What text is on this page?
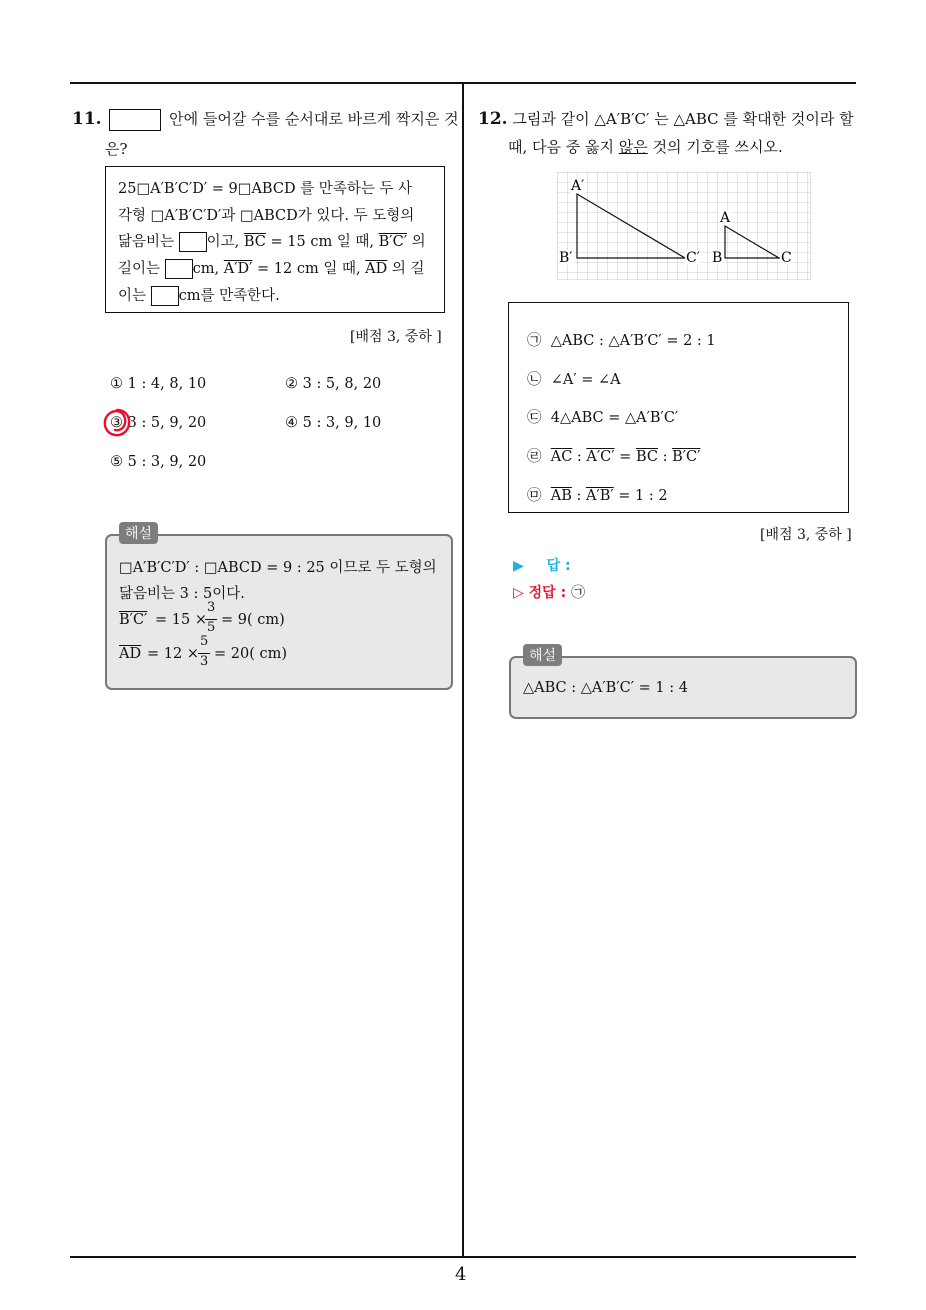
4
11.	안에 들어갈 수를 순서대로 바르게 짝지은 것
은?
25□A′B′C′D′ = 9□ABCD 를 만족하는 두 사
각형 □A′B′C′D′과 □ABCD가 있다. 두 도형의
닮음비는 이고, $\overline{BC} = 15$ cm 일 때, B′C′ 의
길이는 cm, A′D′ = 12 cm 일 때, $\overline{AD}$ 의 길
이는 cm를 만족한다.
[배점 3, 중하 ]
① 1 : 4, 8, 10	② 3 : 5, 8, 20
③ 3 : 5, 9, 20	④ 5 : 3, 9, 10
⑤ 5 : 3, 9, 20
해설
□A′B′C′D′ : □ABCD = 9 : 25 이므로 두 도형의
닮음비는 3 : 5이다.
B′C′ = 15 ×
3
5 = 9( cm)
$\overline{AD} = 12$ ×
5
3 = 20( cm)
12. 그림과 같이 △A′B′C′ 는 △ABC 를 확대한 것이라 할
때, 다음 중 옳지 않은 것의 기호를 쓰시오.
A′
B′	C′
A
B	C
㉠ △ABC : △A′B′C′ = 2 : 1
㉡ ∠A′ = ∠A
㉢ 4△ABC = △A′B′C′
㉣ $\overline{AC}$ : $A'C' = \overline{BC}$ : B′C′
㉤ $\overline{AB}$ : A′B′ = 1 : 2
[배점 3, 중하 ]
▶ 답 :
▷ 정답 : ㉠
해설
△ABC : △A′B′C′ = 1 : 4
